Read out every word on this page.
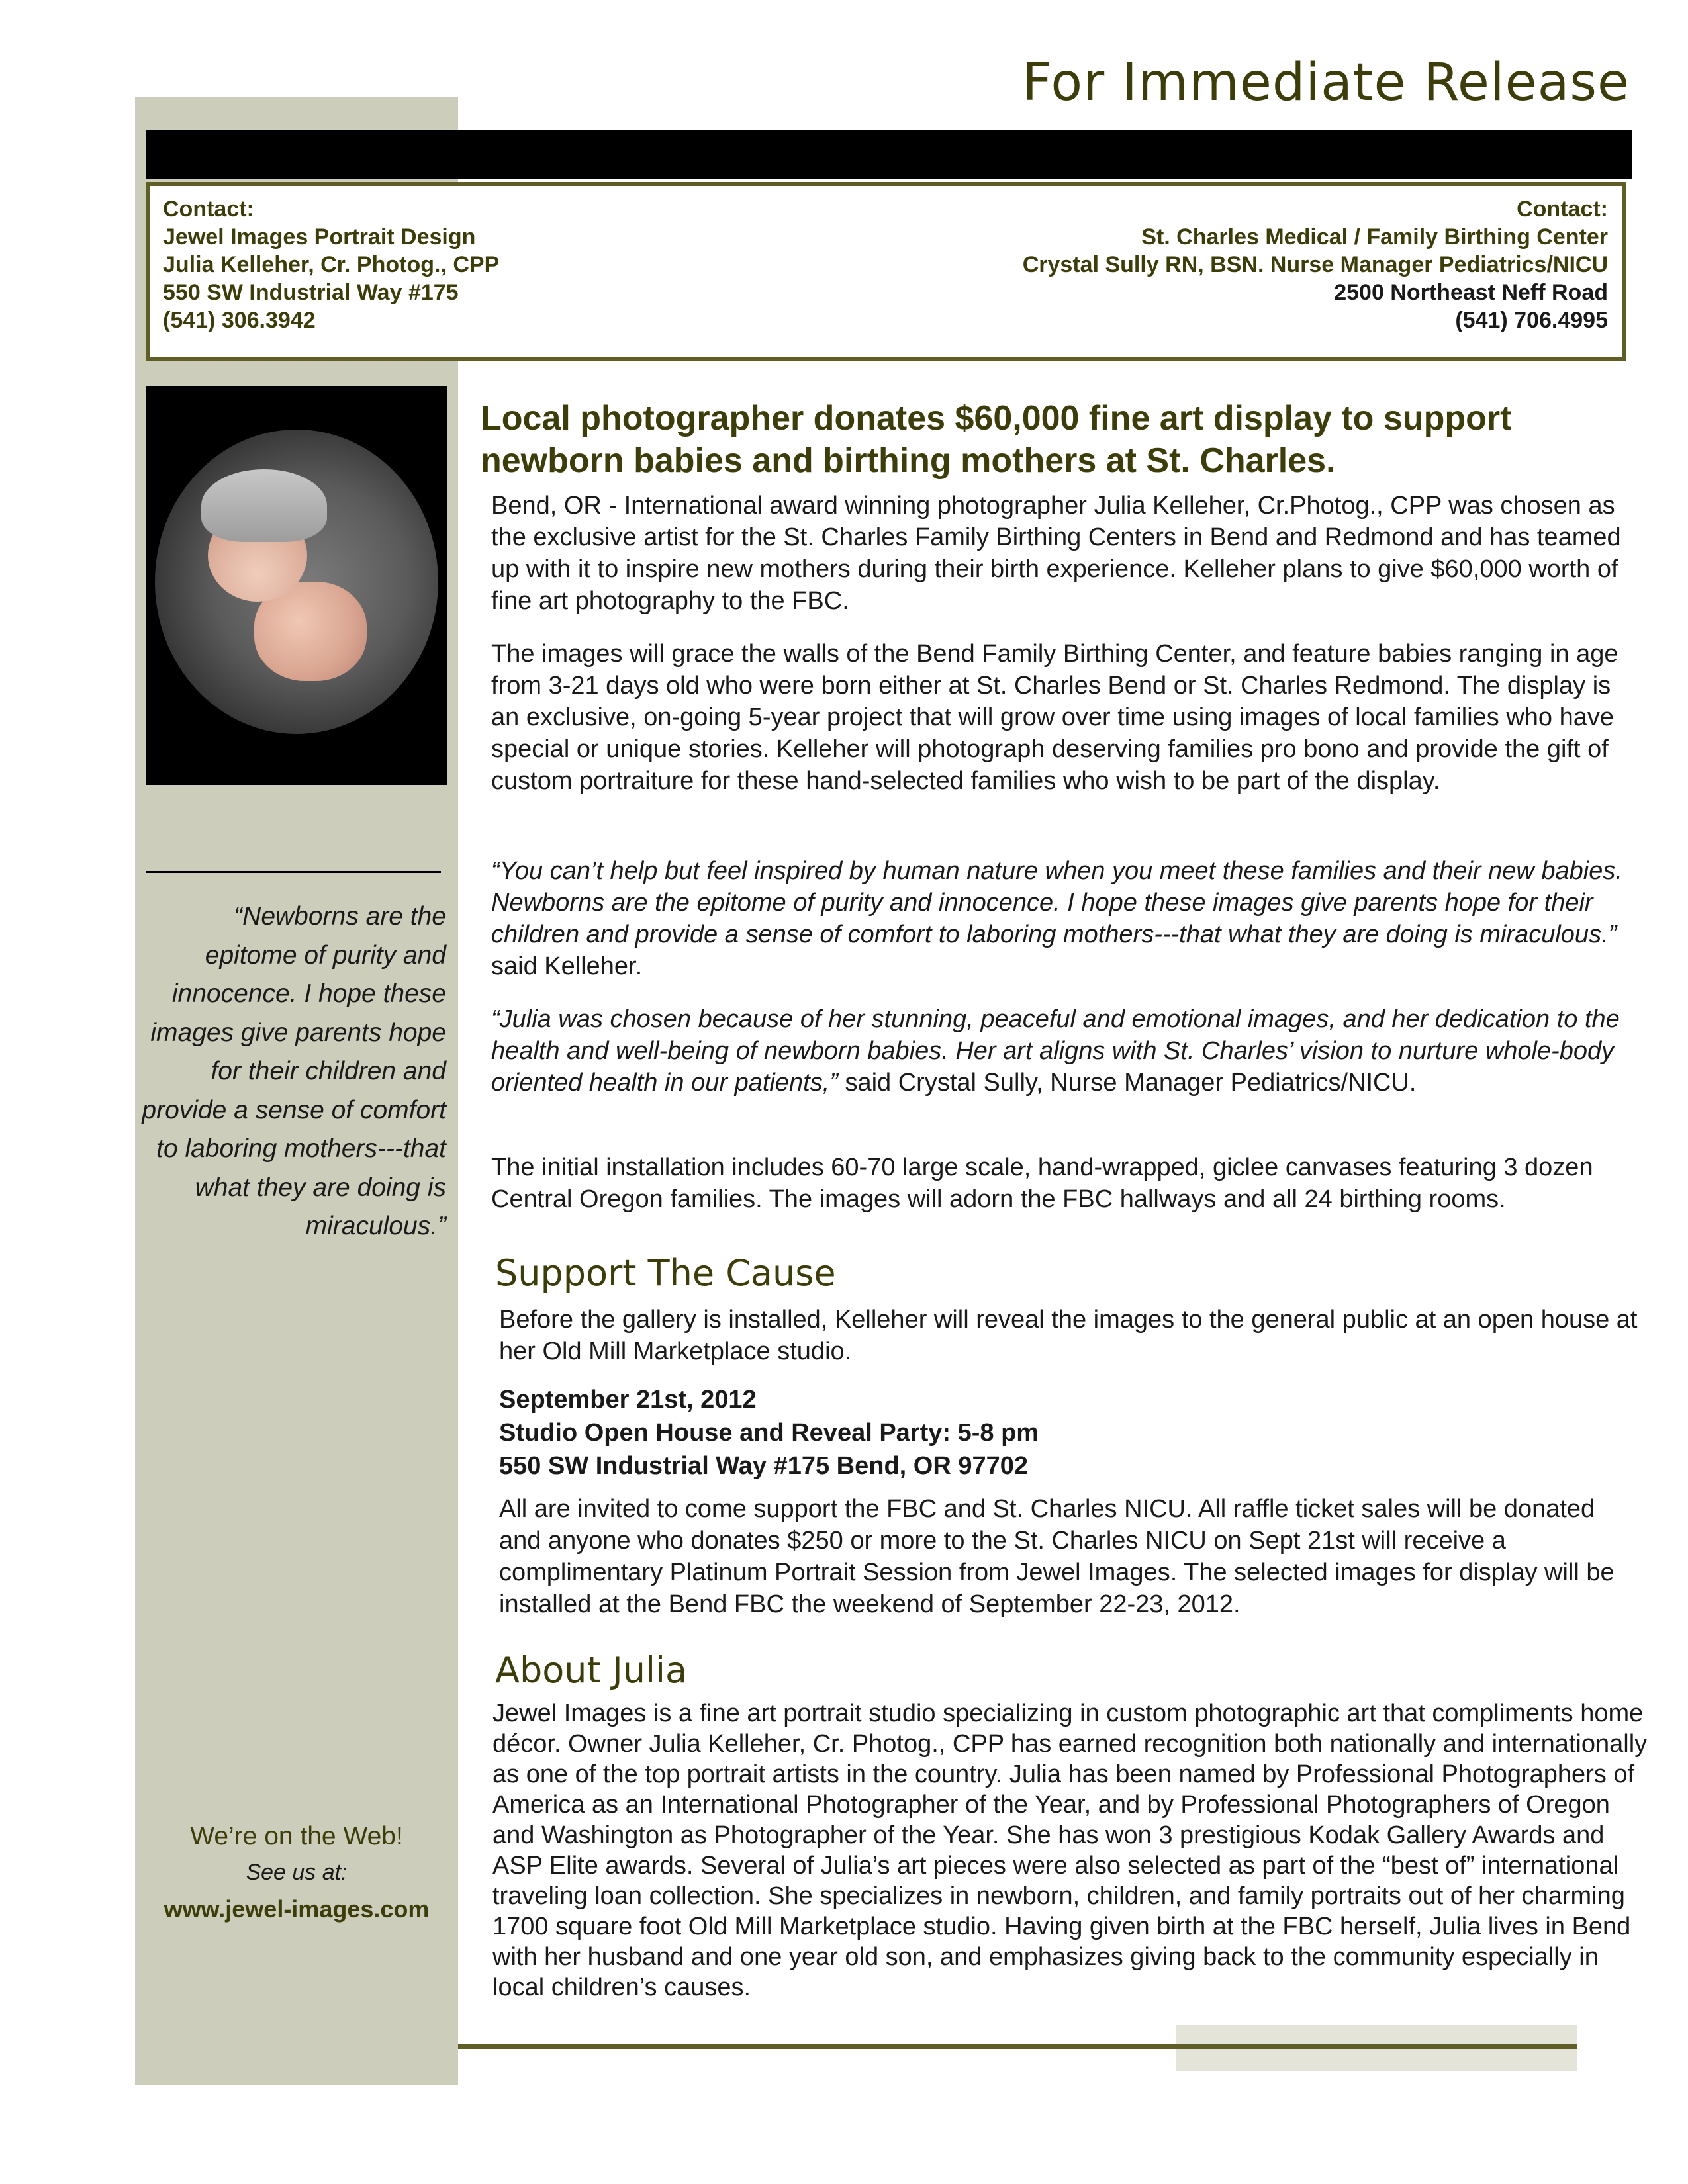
For Immediate Release
Contact:
Jewel Images Portrait Design
Julia Kelleher, Cr. Photog., CPP
550 SW Industrial Way #175
(541) 306.3942
Contact:
St. Charles Medical / Family Birthing Center
Crystal Sully RN, BSN. Nurse Manager Pediatrics/NICU
2500 Northeast Neff Road
(541) 706.4995

“Newborns are the epitome of purity and innocence. I hope these images give parents hope for their children and provide a sense of comfort to laboring mothers---that what they are doing is miraculous.”

We’re on the Web!
See us at:
www.jewel-images.com
Local photographer donates $60,000 fine art display to support newborn babies and birthing mothers at St. Charles.

Bend, OR - International award winning photographer Julia Kelleher, Cr.Photog., CPP was chosen as the exclusive artist for the St. Charles Family Birthing Centers in Bend and Redmond and has teamed up with it to inspire new mothers during their birth experience. Kelleher plans to give $60,000 worth of fine art photography to the FBC.

The images will grace the walls of the Bend Family Birthing Center, and feature babies ranging in age from 3-21 days old who were born either at St. Charles Bend or St. Charles Redmond. The display is an exclusive, on-going 5-year project that will grow over time using images of local families who have special or unique stories. Kelleher will photograph deserving families pro bono and provide the gift of custom portraiture for these hand-selected families who wish to be part of the display.

“You can’t help but feel inspired by human nature when you meet these families and their new babies. Newborns are the epitome of purity and innocence. I hope these images give parents hope for their children and provide a sense of comfort to laboring mothers---that what they are doing is miraculous.” said Kelleher.

“Julia was chosen because of her stunning, peaceful and emotional images, and her dedication to the health and well-being of newborn babies. Her art aligns with St. Charles’ vision to nurture whole-body oriented health in our patients,” said Crystal Sully, Nurse Manager Pediatrics/NICU.

The initial installation includes 60-70 large scale, hand-wrapped, giclee canvases featuring 3 dozen Central Oregon families. The images will adorn the FBC hallways and all 24 birthing rooms.

Support The Cause

Before the gallery is installed, Kelleher will reveal the images to the general public at an open house at her Old Mill Marketplace studio.

September 21st, 2012
Studio Open House and Reveal Party: 5-8 pm
550 SW Industrial Way #175 Bend, OR 97702

All are invited to come support the FBC and St. Charles NICU. All raffle ticket sales will be donated and anyone who donates $250 or more to the St. Charles NICU on Sept 21st will receive a complimentary Platinum Portrait Session from Jewel Images. The selected images for display will be installed at the Bend FBC the weekend of September 22-23, 2012.

About Julia

Jewel Images is a fine art portrait studio specializing in custom photographic art that compliments home décor. Owner Julia Kelleher, Cr. Photog., CPP has earned recognition both nationally and internationally as one of the top portrait artists in the country. Julia has been named by Professional Photographers of America as an International Photographer of the Year, and by Professional Photographers of Oregon and Washington as Photographer of the Year. She has won 3 prestigious Kodak Gallery Awards and ASP Elite awards. Several of Julia’s art pieces were also selected as part of the “best of” international traveling loan collection. She specializes in newborn, children, and family portraits out of her charming 1700 square foot Old Mill Marketplace studio. Having given birth at the FBC herself, Julia lives in Bend with her husband and one year old son, and emphasizes giving back to the community especially in local children’s causes.
